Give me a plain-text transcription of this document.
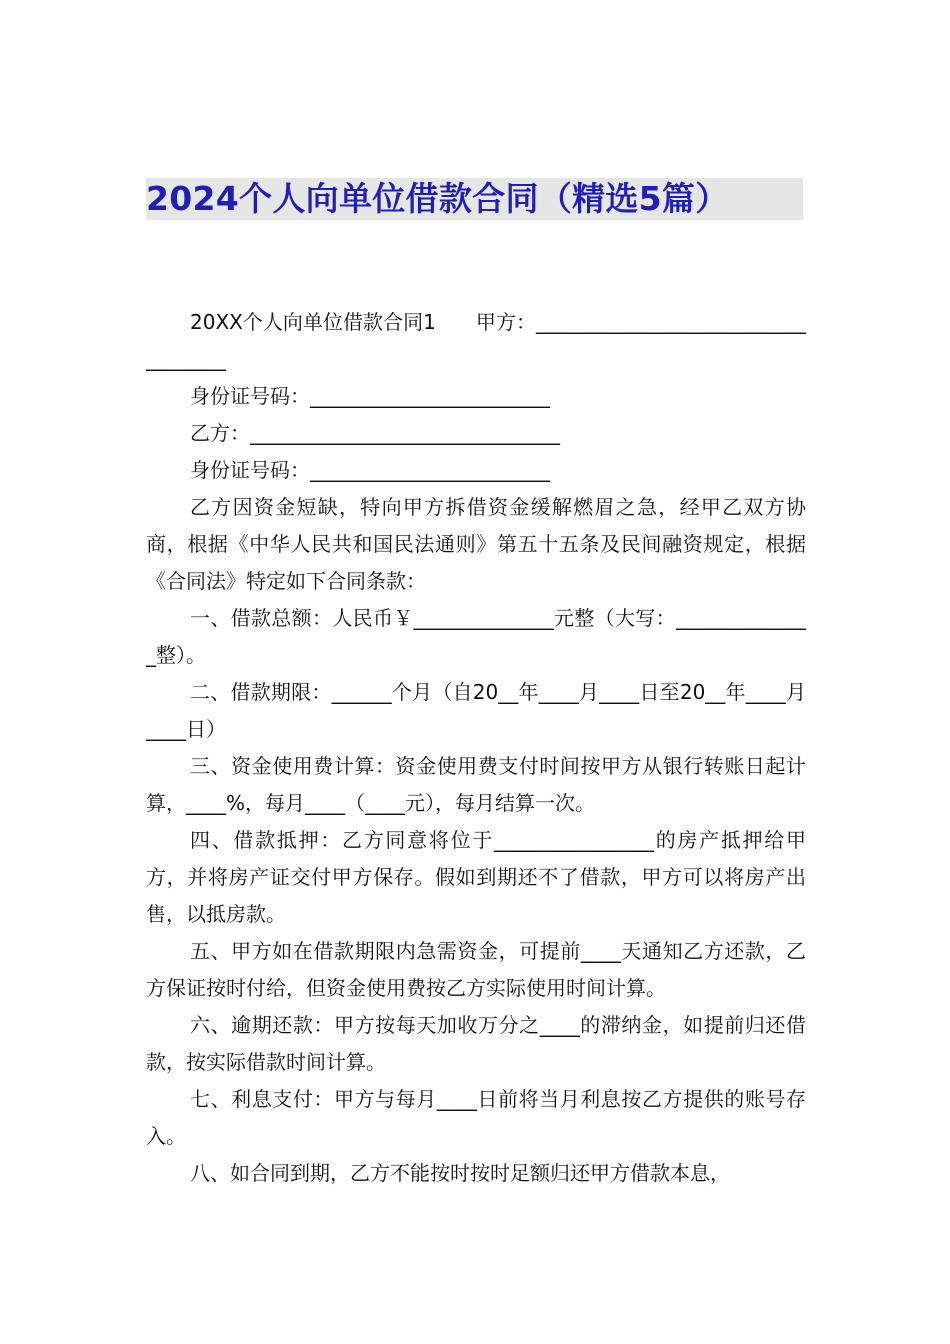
2024个人向单位借款合同（精选5篇）

20XX个人向单位借款合同1　　甲方：___________________________________

身份证号码：________________________

乙方：_______________________________

身份证号码：________________________

乙方因资金短缺，特向甲方拆借资金缓解燃眉之急，经甲乙双方协商，根据《中华人民共和国民法通则》第五十五条及民间融资规定，根据《合同法》特定如下合同条款：

一、借款总额：人民币￥______________元整（大写：______________整）。

二、借款期限：______个月（自20__年____月____日至20__年____月____日）

三、资金使用费计算：资金使用费支付时间按甲方从银行转账日起计算，____%，每月____（____元），每月结算一次。

四、借款抵押：乙方同意将位于________________的房产抵押给甲方，并将房产证交付甲方保存。假如到期还不了借款，甲方可以将房产出售，以抵房款。

五、甲方如在借款期限内急需资金，可提前____天通知乙方还款，乙方保证按时付给，但资金使用费按乙方实际使用时间计算。

六、逾期还款：甲方按每天加收万分之____的滞纳金，如提前归还借款，按实际借款时间计算。

七、利息支付：甲方与每月____日前将当月利息按乙方提供的账号存入。

八、如合同到期，乙方不能按时按时足额归还甲方借款本息，
